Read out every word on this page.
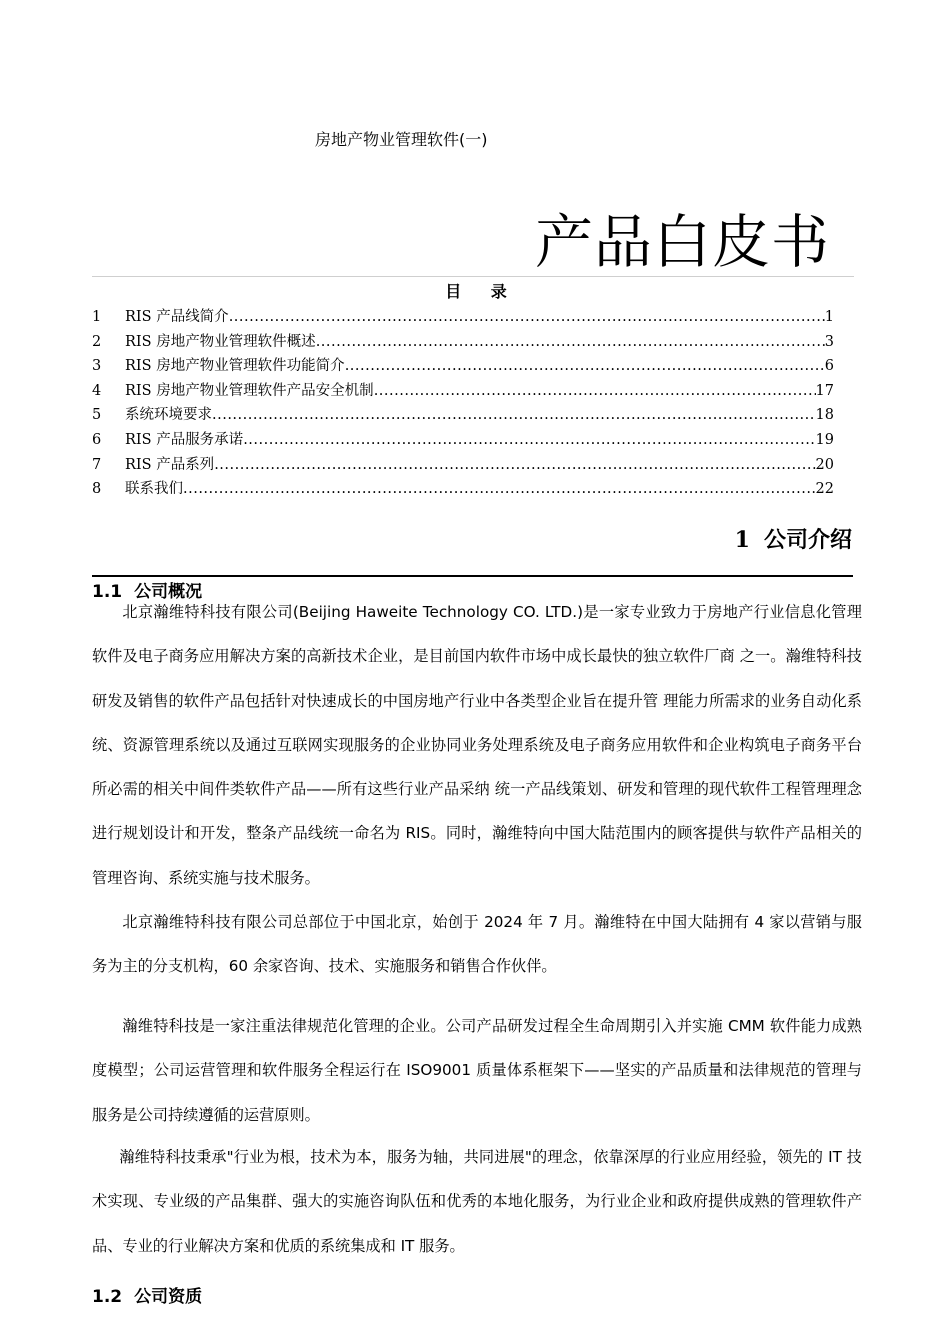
房地产物业管理软件(一)
产品白皮书
目 录
1	RIS 产品线简介 .....	1
2	RIS 房地产物业管理软件概述 .....	3
3	RIS 房地产物业管理软件功能简介 .....	6
4	RIS 房地产物业管理软件产品安全机制 .....	17
5	系统环境要求 .....	18
6	RIS 产品服务承诺 .....	19
7	RIS 产品系列 .....	20
8	联系我们 .....	22
1 公司介绍
1.1 公司概况

北京瀚维特科技有限公司(Beijing Haweite Technology CO. LTD.)是一家专业致力于房地产行业信息化管理软件及电子商务应用解决方案的高新技术企业，是目前国内软件市场中成长最快的独立软件厂商 之一。瀚维特科技研发及销售的软件产品包括针对快速成长的中国房地产行业中各类型企业旨在提升管 理能力所需求的业务自动化系统、资源管理系统以及通过互联网实现服务的企业协同业务处理系统及电子商务应用软件和企业构筑电子商务平台所必需的相关中间件类软件产品——所有这些行业产品采纳 统一产品线策划、研发和管理的现代软件工程管理理念进行规划设计和开发，整条产品线统一命名为 RIS。同时，瀚维特向中国大陆范围内的顾客提供与软件产品相关的管理咨询、系统实施与技术服务。

北京瀚维特科技有限公司总部位于中国北京，始创于 2024 年 7 月。瀚维特在中国大陆拥有 4 家以营销与服务为主的分支机构，60 余家咨询、技术、实施服务和销售合作伙伴。

瀚维特科技是一家注重法律规范化管理的企业。公司产品研发过程全生命周期引入并实施 CMM 软件能力成熟度模型；公司运营管理和软件服务全程运行在 ISO9001 质量体系框架下——坚实的产品质量和法律规范的管理与服务是公司持续遵循的运营原则。

瀚维特科技秉承"行业为根，技术为本，服务为轴，共同进展"的理念，依靠深厚的行业应用经验，领先的 IT 技术实现、专业级的产品集群、强大的实施咨询队伍和优秀的本地化服务，为行业企业和政府提供成熟的管理软件产品、专业的行业解决方案和优质的系统集成和 IT 服务。

1.2 公司资质
